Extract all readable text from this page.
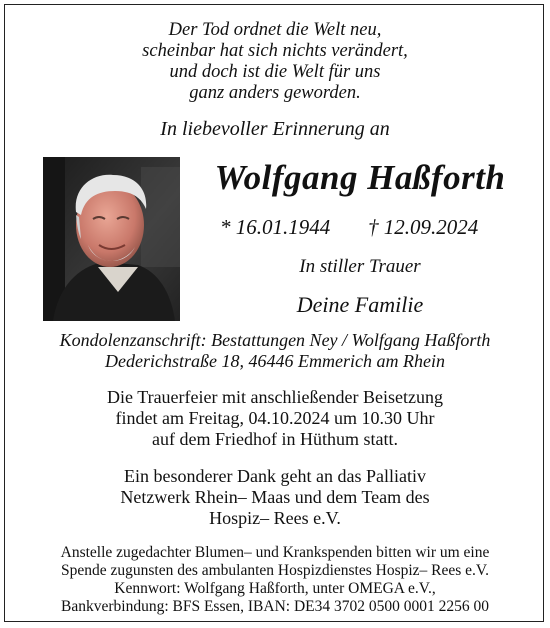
Der Tod ordnet die Welt neu,
scheinbar hat sich nichts verändert,
und doch ist die Welt für uns
ganz anders geworden.
In liebevoller Erinnerung an
Wolfgang Haßforth
* 16.01.1944 † 12.09.2024
In stiller Trauer
Deine Familie
Kondolenzanschrift: Bestattungen Ney / Wolfgang Haßforth
Dederichstraße 18, 46446 Emmerich am Rhein
Die Trauerfeier mit anschließender Beisetzung
findet am Freitag, 04.10.2024 um 10.30 Uhr
auf dem Friedhof in Hüthum statt.
Ein besonderer Dank geht an das Palliativ
Netzwerk Rhein– Maas und dem Team des
Hospiz– Rees e.V.
Anstelle zugedachter Blumen– und Krankspenden bitten wir um eine
Spende zugunsten des ambulanten Hospizdienstes Hospiz– Rees e.V.
Kennwort: Wolfgang Haßforth, unter OMEGA e.V.,
Bankverbindung: BFS Essen, IBAN: DE34 3702 0500 0001 2256 00
